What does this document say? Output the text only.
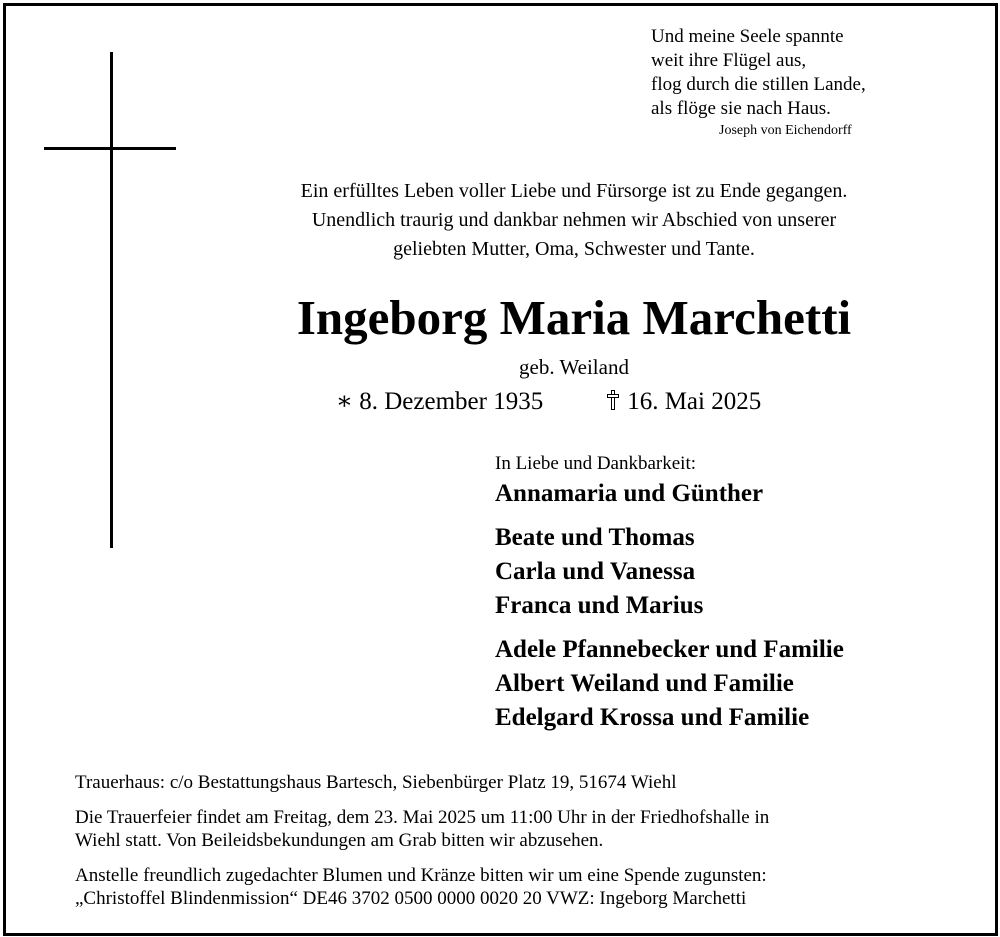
Und meine Seele spannte
weit ihre Flügel aus,
flog durch die stillen Lande,
als flöge sie nach Haus.
Joseph von Eichendorff
Ein erfülltes Leben voller Liebe und Fürsorge ist zu Ende gegangen.
Unendlich traurig und dankbar nehmen wir Abschied von unserer
geliebten Mutter, Oma, Schwester und Tante.
Ingeborg Maria Marchetti
geb. Weiland
∗ 8. Dezember 1935	16. Mai 2025
In Liebe und Dankbarkeit:
Annamaria und Günther
Beate und Thomas
Carla und Vanessa
Franca und Marius
Adele Pfannebecker und Familie
Albert Weiland und Familie
Edelgard Krossa und Familie
Trauerhaus: c/o Bestattungshaus Bartesch, Siebenbürger Platz 19, 51674 Wiehl
Die Trauerfeier findet am Freitag, dem 23. Mai 2025 um 11:00 Uhr in der Friedhofshalle in
Wiehl statt. Von Beileidsbekundungen am Grab bitten wir abzusehen.
Anstelle freundlich zugedachter Blumen und Kränze bitten wir um eine Spende zugunsten:
„Christoffel Blindenmission“ DE46 3702 0500 0000 0020 20 VWZ: Ingeborg Marchetti
